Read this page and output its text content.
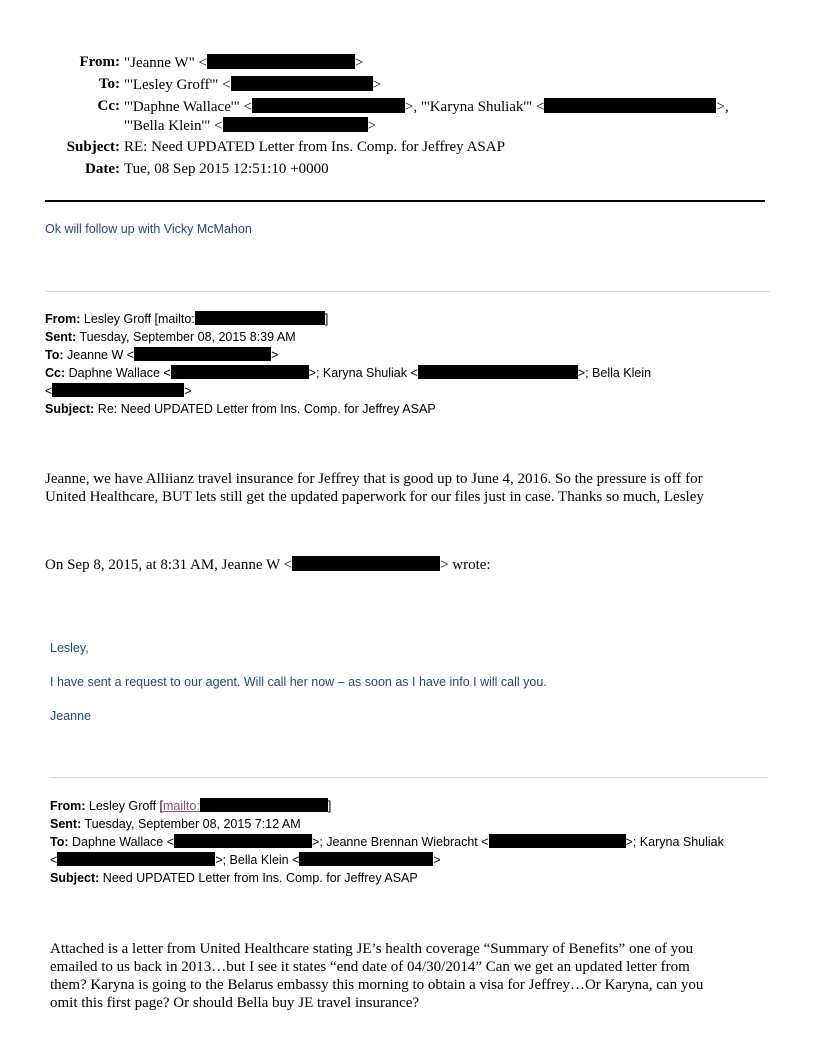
From: "Jeanne W" <	>
To: "'Lesley Groff'" <	>
Cc: "'Daphne Wallace'" <	>, "'Karyna Shuliak'" <	>,
"'Bella Klein'" <	>
Subject: RE: Need UPDATED Letter from Ins. Comp. for Jeffrey ASAP
Date: Tue, 08 Sep 2015 12:51:10 +0000
Ok will follow up with Vicky McMahon
From: Lesley Groff [mailto:	]
Sent: Tuesday, September 08, 2015 8:39 AM
To: Jeanne W <	>
Cc: Daphne Wallace <	>; Karyna Shuliak <	>; Bella Klein
<	>
Subject: Re: Need UPDATED Letter from Ins. Comp. for Jeffrey ASAP
Jeanne, we have Alliianz travel insurance for Jeffrey that is good up to June 4, 2016. So the pressure is off for
United Healthcare, BUT lets still get the updated paperwork for our files just in case. Thanks so much, Lesley
On Sep 8, 2015, at 8:31 AM, Jeanne W <	> wrote:
Lesley,
I have sent a request to our agent. Will call her now – as soon as I have info I will call you.
Jeanne
From: Lesley Groff [mailto:	]
Sent: Tuesday, September 08, 2015 7:12 AM
To: Daphne Wallace <	>; Jeanne Brennan Wiebracht <	>; Karyna Shuliak
<	>; Bella Klein <	>
Subject: Need UPDATED Letter from Ins. Comp. for Jeffrey ASAP
Attached is a letter from United Healthcare stating JE’s health coverage “Summary of Benefits” one of you
emailed to us back in 2013…but I see it states “end date of 04/30/2014” Can we get an updated letter from
them? Karyna is going to the Belarus embassy this morning to obtain a visa for Jeffrey…Or Karyna, can you
omit this first page? Or should Bella buy JE travel insurance?
